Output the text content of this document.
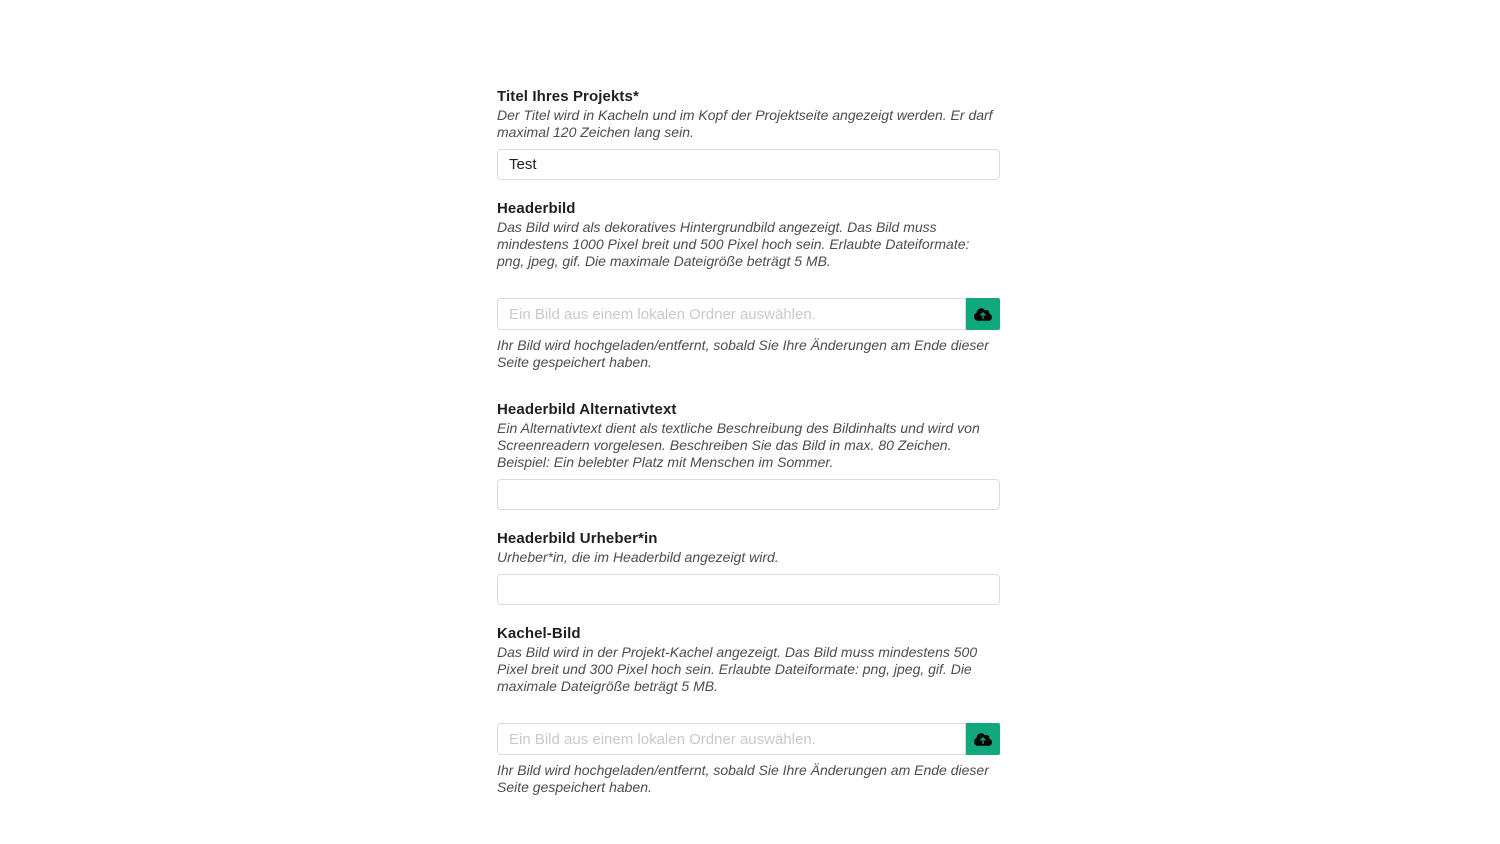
Titel Ihres Projekts*
Der Titel wird in Kacheln und im Kopf der Projektseite angezeigt werden. Er darf maximal 120 Zeichen lang sein.
Test
Headerbild
Das Bild wird als dekoratives Hintergrundbild angezeigt. Das Bild muss mindestens 1000 Pixel breit und 500 Pixel hoch sein. Erlaubte Dateiformate: png, jpeg, gif. Die maximale Dateigröße beträgt 5 MB.
Ein Bild aus einem lokalen Ordner auswählen.
Ihr Bild wird hochgeladen/entfernt, sobald Sie Ihre Änderungen am Ende dieser Seite gespeichert haben.
Headerbild Alternativtext
Ein Alternativtext dient als textliche Beschreibung des Bildinhalts und wird von Screenreadern vorgelesen. Beschreiben Sie das Bild in max. 80 Zeichen. Beispiel: Ein belebter Platz mit Menschen im Sommer.
Headerbild Urheber*in
Urheber*in, die im Headerbild angezeigt wird.
Kachel-Bild
Das Bild wird in der Projekt-Kachel angezeigt. Das Bild muss mindestens 500 Pixel breit und 300 Pixel hoch sein. Erlaubte Dateiformate: png, jpeg, gif. Die maximale Dateigröße beträgt 5 MB.
Ein Bild aus einem lokalen Ordner auswählen.
Ihr Bild wird hochgeladen/entfernt, sobald Sie Ihre Änderungen am Ende dieser Seite gespeichert haben.
